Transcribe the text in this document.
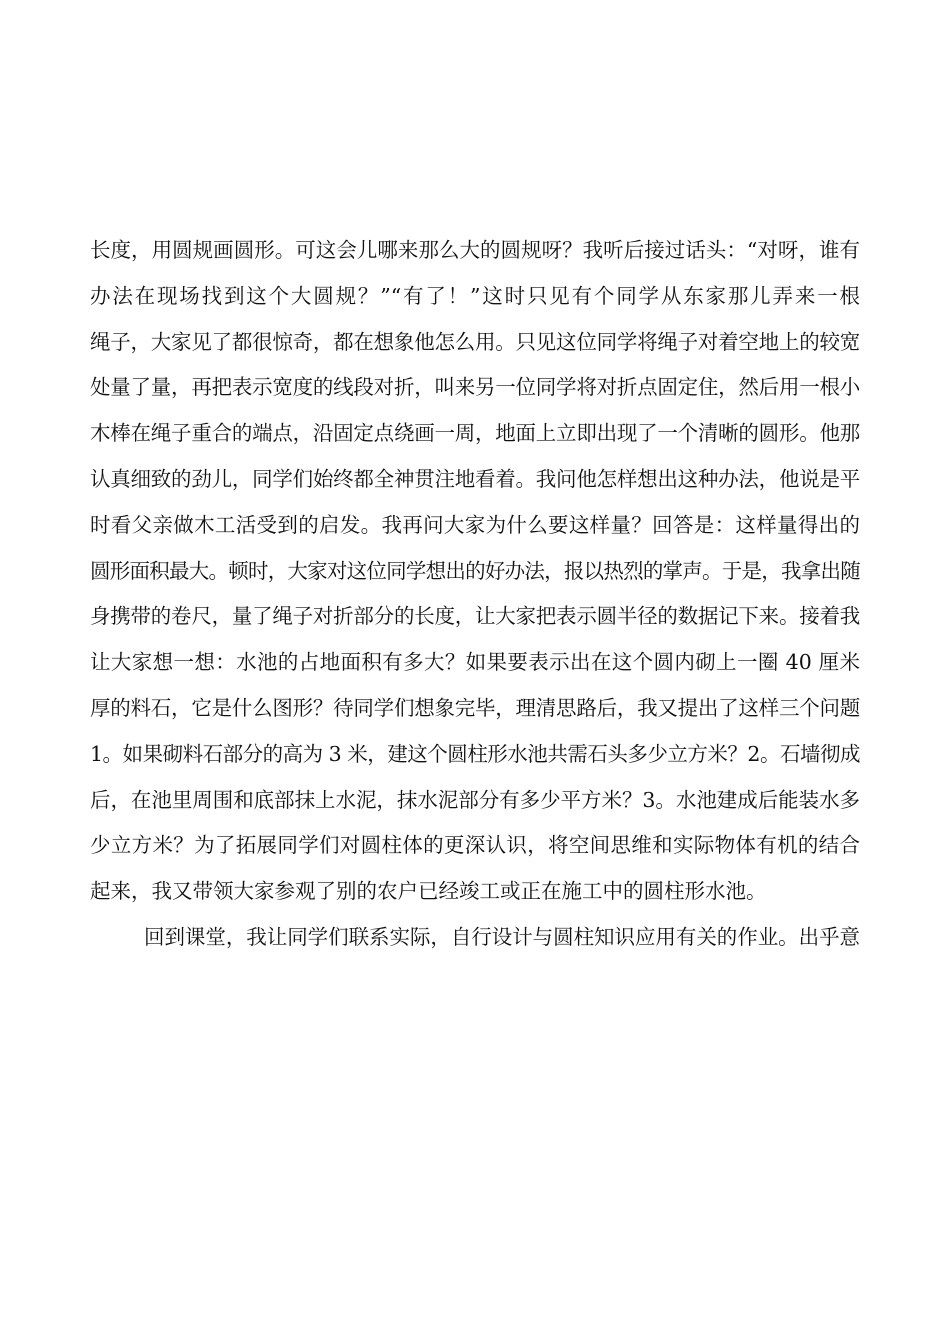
长度，用圆规画圆形。可这会儿哪来那么大的圆规呀？我听后接过话头：“对呀，谁有
办法在现场找到这个大圆规？”“有了！”这时只见有个同学从东家那儿弄来一根
绳子，大家见了都很惊奇，都在想象他怎么用。只见这位同学将绳子对着空地上的较宽
处量了量，再把表示宽度的线段对折，叫来另一位同学将对折点固定住，然后用一根小
木棒在绳子重合的端点，沿固定点绕画一周，地面上立即出现了一个清晰的圆形。他那
认真细致的劲儿，同学们始终都全神贯注地看着。我问他怎样想出这种办法，他说是平
时看父亲做木工活受到的启发。我再问大家为什么要这样量？回答是：这样量得出的
圆形面积最大。顿时，大家对这位同学想出的好办法，报以热烈的掌声。于是，我拿出随
身携带的卷尺，量了绳子对折部分的长度，让大家把表示圆半径的数据记下来。接着我
让大家想一想：水池的占地面积有多大？如果要表示出在这个圆内砌上一圈 40 厘米
厚的料石，它是什么图形？待同学们想象完毕，理清思路后，我又提出了这样三个问题
1。如果砌料石部分的高为 3 米，建这个圆柱形水池共需石头多少立方米？2。石墙彻成
后，在池里周围和底部抹上水泥，抹水泥部分有多少平方米？3。水池建成后能装水多
少立方米？为了拓展同学们对圆柱体的更深认识，将空间思维和实际物体有机的结合
起来，我又带领大家参观了别的农户已经竣工或正在施工中的圆柱形水池。
回到课堂，我让同学们联系实际，自行设计与圆柱知识应用有关的作业。出乎意
